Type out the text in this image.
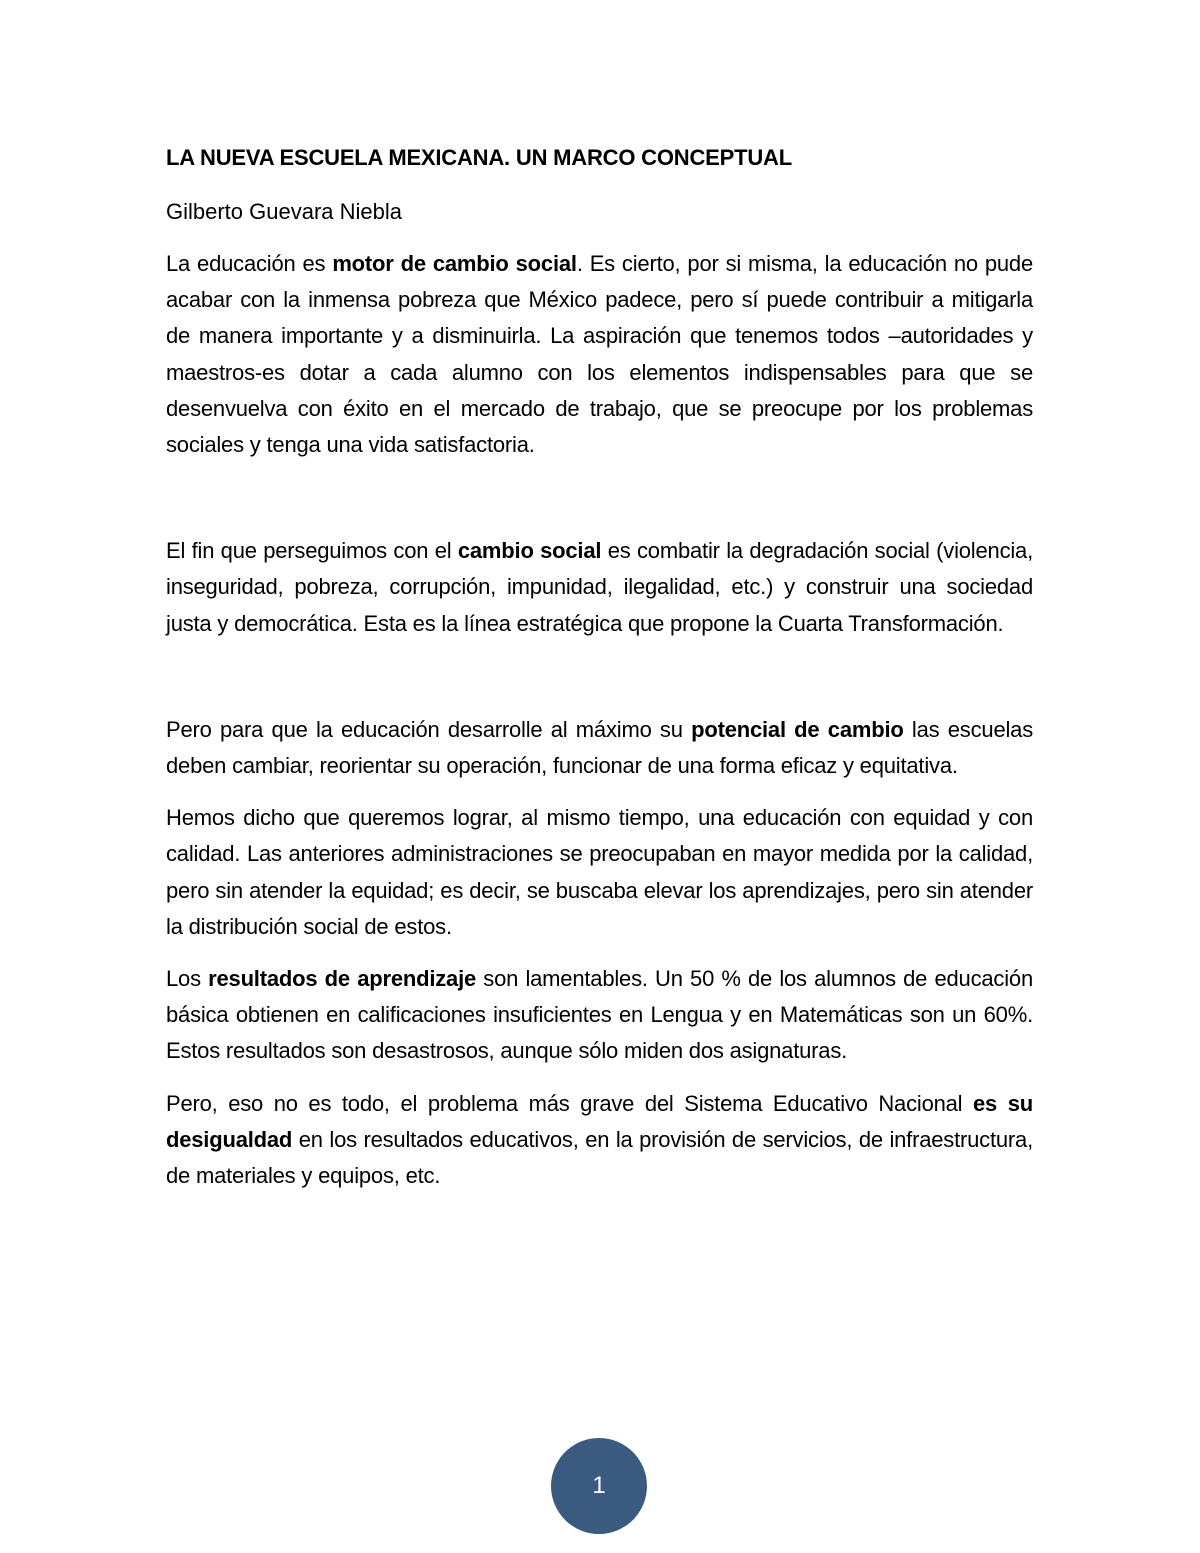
LA NUEVA ESCUELA MEXICANA. UN MARCO CONCEPTUAL

Gilberto Guevara Niebla

La educación es motor de cambio social. Es cierto, por si misma, la educación no pude acabar con la inmensa pobreza que México padece, pero sí puede contribuir a mitigarla de manera importante y a disminuirla. La aspiración que tenemos todos –autoridades y maestros-es dotar a cada alumno con los elementos indispensables para que se desenvuelva con éxito en el mercado de trabajo, que se preocupe por los problemas sociales y tenga una vida satisfactoria.

El fin que perseguimos con el cambio social es combatir la degradación social (violencia, inseguridad, pobreza, corrupción, impunidad, ilegalidad, etc.) y construir una sociedad justa y democrática. Esta es la línea estratégica que propone la Cuarta Transformación.

Pero para que la educación desarrolle al máximo su potencial de cambio las escuelas deben cambiar, reorientar su operación, funcionar de una forma eficaz y equitativa.

Hemos dicho que queremos lograr, al mismo tiempo, una educación con equidad y con calidad. Las anteriores administraciones se preocupaban en mayor medida por la calidad, pero sin atender la equidad; es decir, se buscaba elevar los aprendizajes, pero sin atender la distribución social de estos.

Los resultados de aprendizaje son lamentables. Un 50 % de los alumnos de educación básica obtienen en calificaciones insuficientes en Lengua y en Matemáticas son un 60%. Estos resultados son desastrosos, aunque sólo miden dos asignaturas.

Pero, eso no es todo, el problema más grave del Sistema Educativo Nacional es su desigualdad en los resultados educativos, en la provisión de servicios, de infraestructura, de materiales y equipos, etc.

1
